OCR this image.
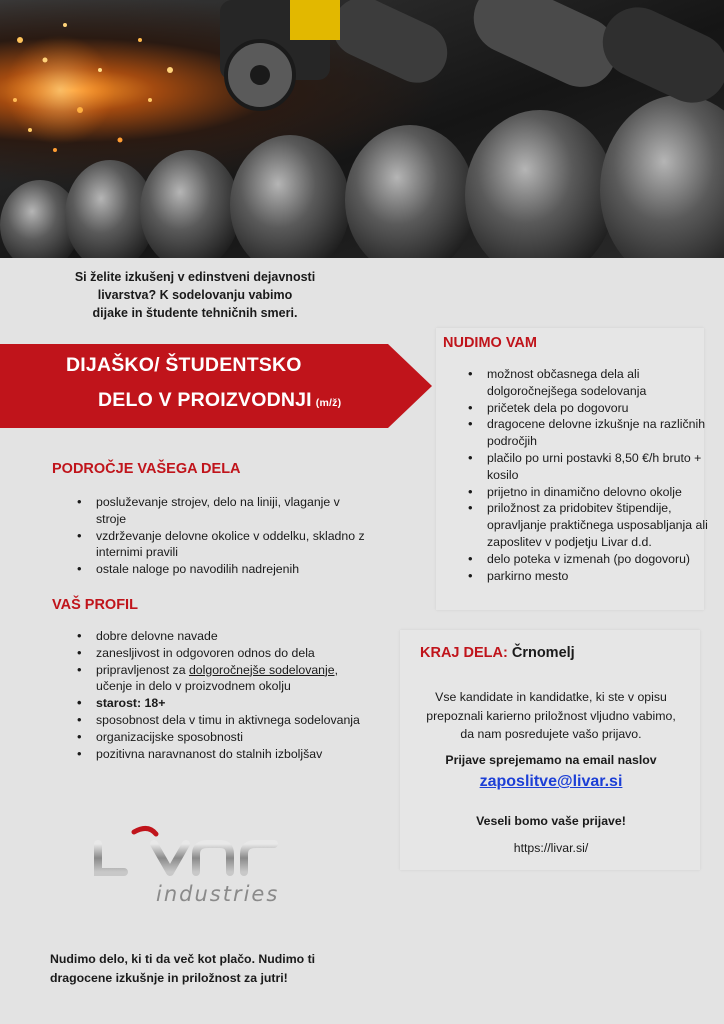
Si želite izkušenj v edinstveni dejavnosti
livarstva? K sodelovanju vabimo
dijake in študente tehničnih smeri.
DIJAŠKO/ ŠTUDENTSKO
DELO V PROIZVODNJI (m/ž)
PODROČJE VAŠEGA DELA
• posluževanje strojev, delo na liniji, vlaganje v stroje
• vzdrževanje delovne okolice v oddelku, skladno z internimi pravili
• ostale naloge po navodilih nadrejenih
VAŠ PROFIL
• dobre delovne navade
• zanesljivost in odgovoren odnos do dela
• pripravljenost za dolgoročnejše sodelovanje, učenje in delo v proizvodnem okolju
• starost: 18+
• sposobnost dela v timu in aktivnega sodelovanja
• organizacijske sposobnosti
• pozitivna naravnanost do stalnih izboljšav
NUDIMO VAM
• možnost občasnega dela ali dolgoročnejšega sodelovanja
• pričetek dela po dogovoru
• dragocene delovne izkušnje na različnih področjih
• plačilo po urni postavki 8,50 €/h bruto + kosilo
• prijetno in dinamično delovno okolje
• priložnost za pridobitev štipendije, opravljanje praktičnega usposabljanja ali zaposlitev v podjetju Livar d.d.
• delo poteka v izmenah (po dogovoru)
• parkirno mesto
KRAJ DELA: Črnomelj
Vse kandidate in kandidatke, ki ste v opisu
prepoznali karierno priložnost vljudno vabimo,
da nam posredujete vašo prijavo.
Prijave sprejemamo na email naslov
zaposlitve@livar.si
Veseli bomo vaše prijave!
https://livar.si/
industries
Nudimo delo, ki ti da več kot plačo. Nudimo ti
dragocene izkušnje in priložnost za jutri!
